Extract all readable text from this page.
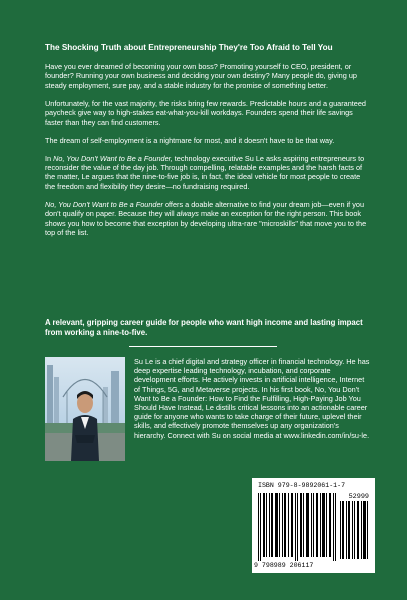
The Shocking Truth about Entrepreneurship They're Too Afraid to Tell You

Have you ever dreamed of becoming your own boss? Promoting yourself to CEO, president, or founder? Running your own business and deciding your own destiny? Many people do, giving up steady employment, sure pay, and a stable industry for the promise of something better.

Unfortunately, for the vast majority, the risks bring few rewards. Predictable hours and a guaranteed paycheck give way to high-stakes eat-what-you-kill workdays. Founders spend their life savings faster than they can find customers.

The dream of self-employment is a nightmare for most, and it doesn't have to be that way.

In No, You Don't Want to Be a Founder, technology executive Su Le asks aspiring entrepreneurs to reconsider the value of the day job. Through compelling, relatable examples and the harsh facts of the matter, Le argues that the nine-to-five job is, in fact, the ideal vehicle for most people to create the freedom and flexibility they desire—no fundraising required.

No, You Don't Want to Be a Founder offers a doable alternative to find your dream job—even if you don't qualify on paper. Because they will always make an exception for the right person. This book shows you how to become that exception by developing ultra-rare "microskills" that move you to the top of the list.

A relevant, gripping career guide for people who want high income and lasting impact from working a nine-to-five.
Su Le is a chief digital and strategy officer in financial technology. He has deep expertise leading technology, incubation, and corporate development efforts. He actively invests in artificial intelligence, Internet of Things, 5G, and Metaverse projects. In his first book, No, You Don't Want to Be a Founder: How to Find the Fulfilling, High-Paying Job You Should Have Instead, Le distills critical lessons into an actionable career guide for anyone who wants to take charge of their future, uplevel their skills, and effectively promote themselves up any organization's hierarchy. Connect with Su on social media at www.linkedin.com/in/su-le.
ISBN 979-8-9892061-1-7
52999
9 798989 206117
